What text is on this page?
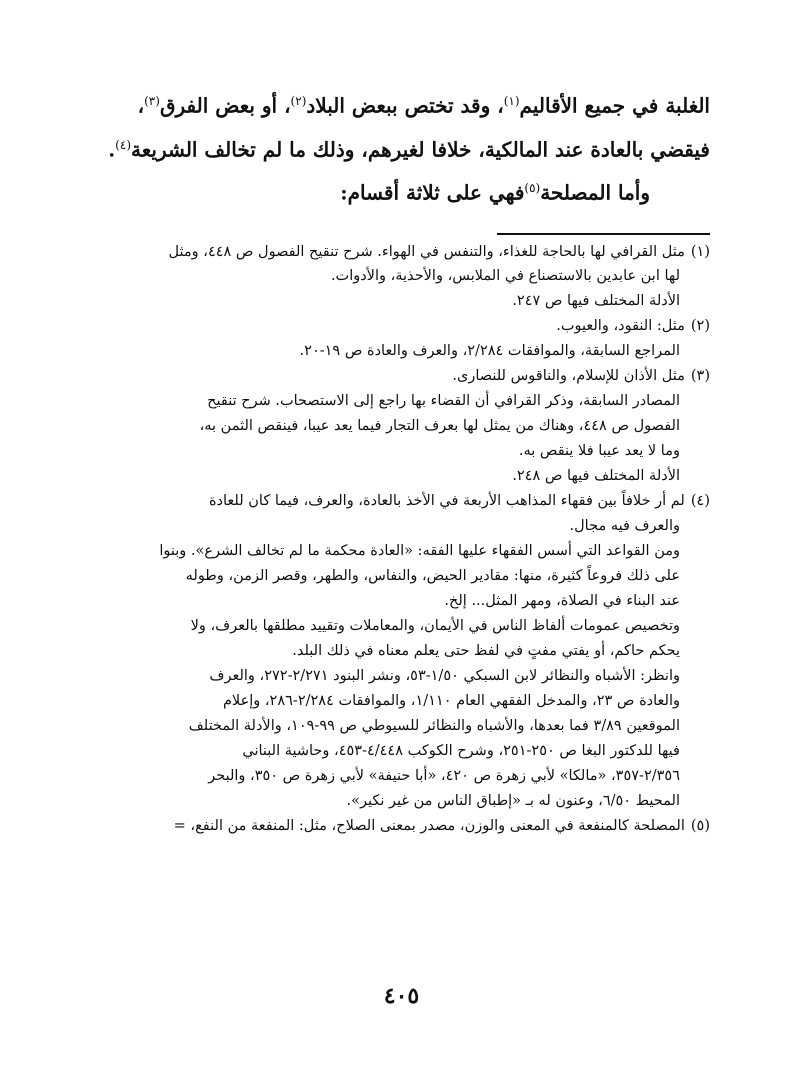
الغلبة في جميع الأقاليم$^{(١)}$، وقد تختص ببعض البلاد$^{(٢)}$، أو بعض الفرق$^{(٣)}$،
فيقضي بالعادة عند المالكية، خلافا لغيرهم، وذلك ما لم تخالف الشريعة$^{(٤)}$.
وأما المصلحة$^{(٥)}$فهي على ثلاثة أقسام:
(١)مثل القرافي لها بالحاجة للغذاء، والتنفس في الهواء. شرح تنقيح الفصول ص ٤٤٨، ومثل
لها ابن عابدين بالاستصناع في الملابس، والأحذية، والأدوات.
الأدلة المختلف فيها ص ٢٤٧.
(٢)مثل: النقود، والعيوب.
المراجع السابقة، والموافقات ٢/٢٨٤، والعرف والعادة ص ١٩-٢٠.
(٣)مثل الأذان للإسلام، والناقوس للنصارى.
المصادر السابقة، وذكر القرافي أن القضاء بها راجع إلى الاستصحاب. شرح تنقيح
الفصول ص ٤٤٨، وهناك من يمثل لها بعرف التجار فيما يعد عيبا، فينقص الثمن به،
وما لا يعد عيبا فلا ينقص به.
الأدلة المختلف فيها ص ٢٤٨.
(٤)لم أر خلافاً بين فقهاء المذاهب الأربعة في الأخذ بالعادة، والعرف، فيما كان للعادة
والعرف فيه مجال.
ومن القواعد التي أسس الفقهاء عليها الفقه: «العادة محكمة ما لم تخالف الشرع». وبنوا
على ذلك فروعاً كثيرة، منها: مقادير الحيض، والنفاس، والطهر، وقصر الزمن، وطوله
عند البناء في الصلاة، ومهر المثل... إلخ.
وتخصيص عمومات ألفاظ الناس في الأيمان، والمعاملات وتقييد مطلقها بالعرف، ولا
يحكم حاكم، أو يفتي مفتٍ في لفظ حتى يعلم معناه في ذلك البلد.
وانظر: الأشباه والنظائر لابن السبكي ١/٥٠-٥٣، ونشر البنود ٢/٢٧١-٢٧٢، والعرف
والعادة ص ٢٣، والمدخل الفقهي العام ١/١١٠، والموافقات ٢/٢٨٤-٢٨٦، وإعلام
الموقعين ٣/٨٩ فما بعدها، والأشباه والنظائر للسيوطي ص ٩٩-١٠٩، والأدلة المختلف
فيها للدكتور البغا ص ٢٥٠-٢٥١، وشرح الكوكب ٤/٤٤٨-٤٥٣، وحاشية البناني
٢/٣٥٦-٣٥٧، «مالكا» لأبي زهرة ص ٤٢٠، «أبا حنيفة» لأبي زهرة ص ٣٥٠، والبحر
المحيط ٦/٥٠، وعنون له بـ «إطباق الناس من غير نكير».
(٥)المصلحة كالمنفعة في المعنى والوزن، مصدر بمعنى الصلاح، مثل: المنفعة من النفع، =
٤٠٥
